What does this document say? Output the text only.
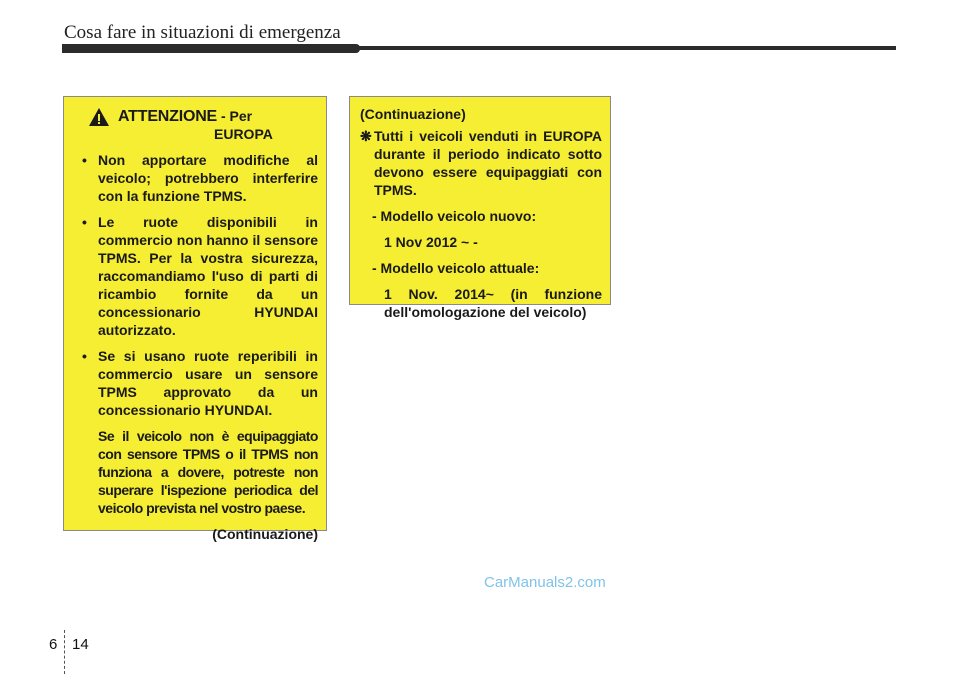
Cosa fare in situazioni di emergenza
ATTENZIONE - Per
EUROPA
• Non apportare modifiche al veicolo; potrebbero interferire con la funzione TPMS.
• Le ruote disponibili in commercio non hanno il sensore TPMS. Per la vostra sicurezza, raccomandiamo l'uso di parti di ricambio fornite da un concessionario HYUNDAI autorizzato.
• Se si usano ruote reperibili in commercio usare un sensore TPMS approvato da un concessionario HYUNDAI.
Se il veicolo non è equipaggiato con sensore TPMS o il TPMS non funziona a dovere, potreste non superare l'ispezione periodica del veicolo prevista nel vostro paese.
(Continuazione)
(Continuazione)
❋ Tutti i veicoli venduti in EUROPA durante il periodo indicato sotto devono essere equipaggiati con TPMS.
- Modello veicolo nuovo:
1 Nov 2012 ~ -
- Modello veicolo attuale:
1 Nov. 2014~ (in funzione dell'omologazione del veicolo)
CarManuals2.com
6 14
